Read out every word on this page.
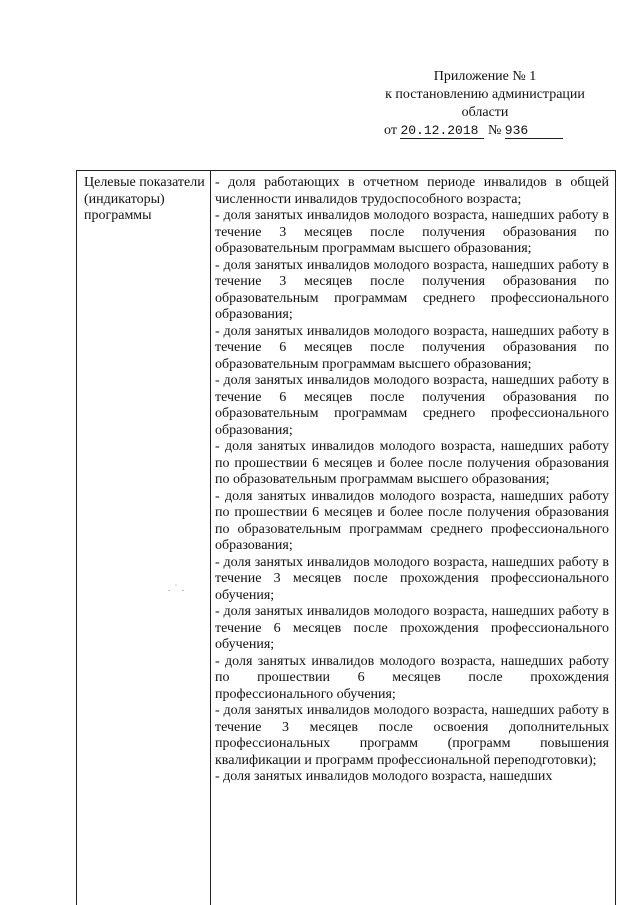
Приложение № 1
к постановлению администрации
области
от 20.12.2018 № 936
Целевые показатели (индикаторы) программы

- доля работающих в отчетном периоде инвалидов в общей численности инвалидов трудоспособного возраста;

- доля занятых инвалидов молодого возраста, нашедших работу в течение 3 месяцев после получения образования по образовательным программам высшего образования;

- доля занятых инвалидов молодого возраста, нашедших работу в течение 3 месяцев после получения образования по образовательным программам среднего профессионального образования;

- доля занятых инвалидов молодого возраста, нашедших работу в течение 6 месяцев после получения образования по образовательным программам высшего образования;

- доля занятых инвалидов молодого возраста, нашедших работу в течение 6 месяцев после получения образования по образовательным программам среднего профессионального образования;

- доля занятых инвалидов молодого возраста, нашедших работу по прошествии 6 месяцев и более после получения образования по образовательным программам высшего образования;

- доля занятых инвалидов молодого возраста, нашедших работу по прошествии 6 месяцев и более после получения образования по образовательным программам среднего профессионального образования;

- доля занятых инвалидов молодого возраста, нашедших работу в течение 3 месяцев после прохождения профессионального обучения;

- доля занятых инвалидов молодого возраста, нашедших работу в течение 6 месяцев после прохождения профессионального обучения;

- доля занятых инвалидов молодого возраста, нашедших работу по прошествии 6 месяцев после прохождения профессионального обучения;

- доля занятых инвалидов молодого возраста, нашедших работу в течение 3 месяцев после освоения дополнительных профессиональных программ (программ повышения квалификации и программ профессиональной переподготовки);

- доля занятых инвалидов молодого возраста, нашедших

. ˙ .
